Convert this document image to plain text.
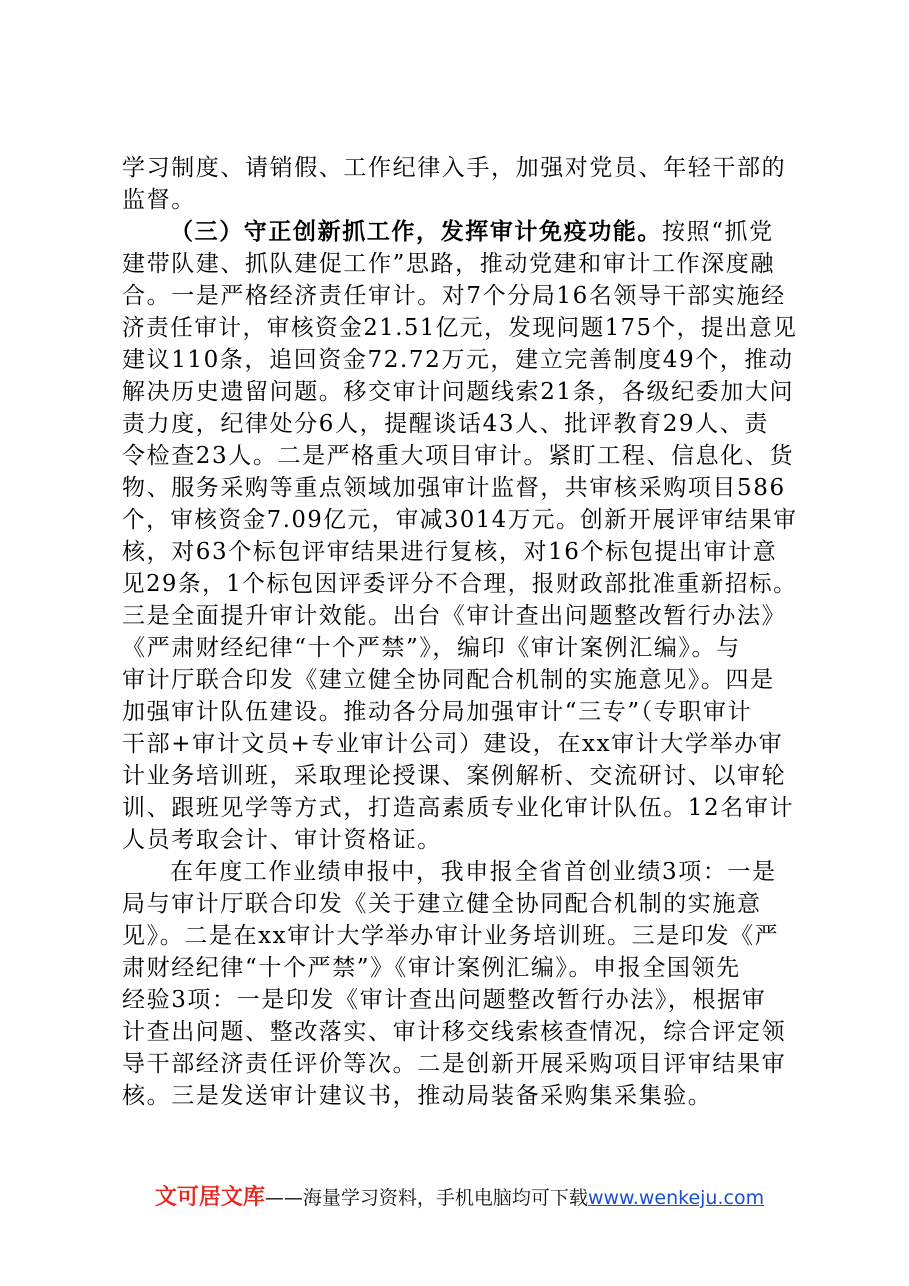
学习制度、请销假、工作纪律入手，加强对党员、年轻干部的
监督。
（三）守正创新抓工作，发挥审计免疫功能。按照“抓党
建带队建、抓队建促工作”思路，推动党建和审计工作深度融
合。一是严格经济责任审计。对7个分局16名领导干部实施经
济责任审计，审核资金21.51亿元，发现问题175个，提出意见
建议110条，追回资金72.72万元，建立完善制度49个，推动
解决历史遗留问题。移交审计问题线索21条，各级纪委加大问
责力度，纪律处分6人，提醒谈话43人、批评教育29人、责
令检查23人。二是严格重大项目审计。紧盯工程、信息化、货
物、服务采购等重点领域加强审计监督，共审核采购项目586
个，审核资金7.09亿元，审减3014万元。创新开展评审结果审
核，对63个标包评审结果进行复核，对16个标包提出审计意
见29条，1个标包因评委评分不合理，报财政部批准重新招标。
三是全面提升审计效能。出台《审计查出问题整改暂行办法》
《严肃财经纪律“十个严禁”》，编印《审计案例汇编》。与
审计厅联合印发《建立健全协同配合机制的实施意见》。四是
加强审计队伍建设。推动各分局加强审计“三专”（专职审计
干部+审计文员+专业审计公司）建设，在xx审计大学举办审
计业务培训班，采取理论授课、案例解析、交流研讨、以审轮
训、跟班见学等方式，打造高素质专业化审计队伍。12名审计
人员考取会计、审计资格证。
在年度工作业绩申报中，我申报全省首创业绩3项：一是
局与审计厅联合印发《关于建立健全协同配合机制的实施意
见》。二是在xx审计大学举办审计业务培训班。三是印发《严
肃财经纪律“十个严禁”》《审计案例汇编》。申报全国领先
经验3项：一是印发《审计查出问题整改暂行办法》，根据审
计查出问题、整改落实、审计移交线索核查情况，综合评定领
导干部经济责任评价等次。二是创新开展采购项目评审结果审
核。三是发送审计建议书，推动局装备采购集采集验。
文可居文库——海量学习资料，手机电脑均可下载www.wenkeju.com
